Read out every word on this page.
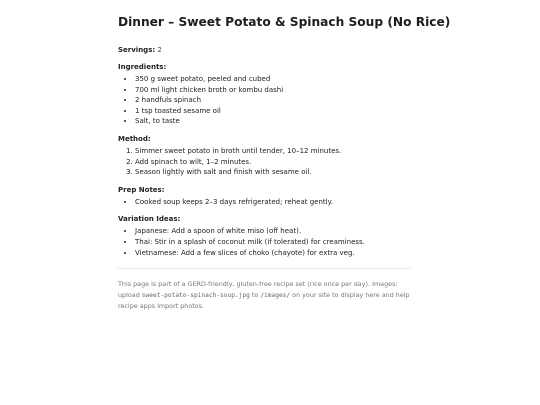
Dinner – Sweet Potato & Spinach Soup (No Rice)
Servings: 2
Ingredients:
• 350 g sweet potato, peeled and cubed
• 700 ml light chicken broth or kombu dashi
• 2 handfuls spinach
• 1 tsp toasted sesame oil
• Salt, to taste
Method:
1. Simmer sweet potato in broth until tender, 10–12 minutes.
2. Add spinach to wilt, 1–2 minutes.
3. Season lightly with salt and finish with sesame oil.
Prep Notes:
• Cooked soup keeps 2–3 days refrigerated; reheat gently.
Variation Ideas:
• Japanese: Add a spoon of white miso (off heat).
• Thai: Stir in a splash of coconut milk (if tolerated) for creaminess.
• Vietnamese: Add a few slices of choko (chayote) for extra veg.
This page is part of a GERD-friendly, gluten-free recipe set (rice once per day). Images: upload sweet-potato-spinach-soup.jpg to /images/ on your site to display here and help recipe apps import photos.
